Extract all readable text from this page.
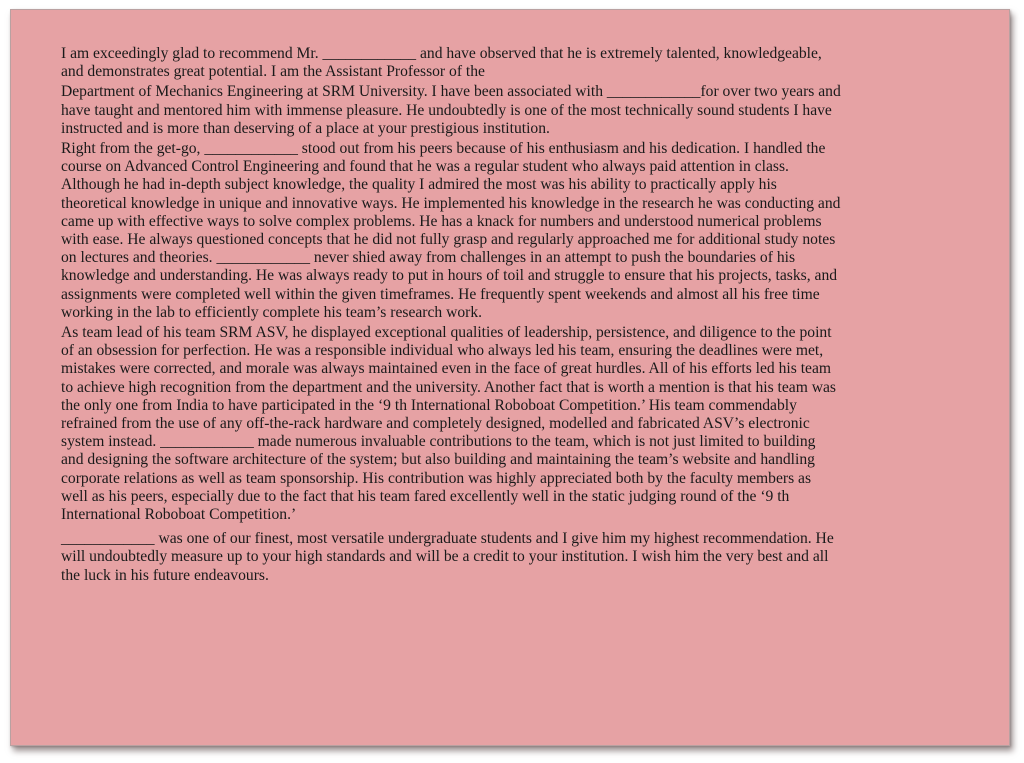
I am exceedingly glad to recommend Mr. ____________ and have observed that he is extremely talented, knowledgeable,
and demonstrates great potential. I am the Assistant Professor of the

Department of Mechanics Engineering at SRM University. I have been associated with ____________for over two years and
have taught and mentored him with immense pleasure. He undoubtedly is one of the most technically sound students I have
instructed and is more than deserving of a place at your prestigious institution.

Right from the get-go, ____________ stood out from his peers because of his enthusiasm and his dedication. I handled the
course on Advanced Control Engineering and found that he was a regular student who always paid attention in class.
Although he had in-depth subject knowledge, the quality I admired the most was his ability to practically apply his
theoretical knowledge in unique and innovative ways. He implemented his knowledge in the research he was conducting and
came up with effective ways to solve complex problems. He has a knack for numbers and understood numerical problems
with ease. He always questioned concepts that he did not fully grasp and regularly approached me for additional study notes
on lectures and theories. ____________ never shied away from challenges in an attempt to push the boundaries of his
knowledge and understanding. He was always ready to put in hours of toil and struggle to ensure that his projects, tasks, and
assignments were completed well within the given timeframes. He frequently spent weekends and almost all his free time
working in the lab to efficiently complete his team’s research work.

As team lead of his team SRM ASV, he displayed exceptional qualities of leadership, persistence, and diligence to the point
of an obsession for perfection. He was a responsible individual who always led his team, ensuring the deadlines were met,
mistakes were corrected, and morale was always maintained even in the face of great hurdles. All of his efforts led his team
to achieve high recognition from the department and the university. Another fact that is worth a mention is that his team was
the only one from India to have participated in the ‘9 th International Roboboat Competition.’ His team commendably
refrained from the use of any off-the-rack hardware and completely designed, modelled and fabricated ASV’s electronic
system instead. ____________ made numerous invaluable contributions to the team, which is not just limited to building
and designing the software architecture of the system; but also building and maintaining the team’s website and handling
corporate relations as well as team sponsorship. His contribution was highly appreciated both by the faculty members as
well as his peers, especially due to the fact that his team fared excellently well in the static judging round of the ‘9 th
International Roboboat Competition.’

____________ was one of our finest, most versatile undergraduate students and I give him my highest recommendation. He
will undoubtedly measure up to your high standards and will be a credit to your institution. I wish him the very best and all
the luck in his future endeavours.
